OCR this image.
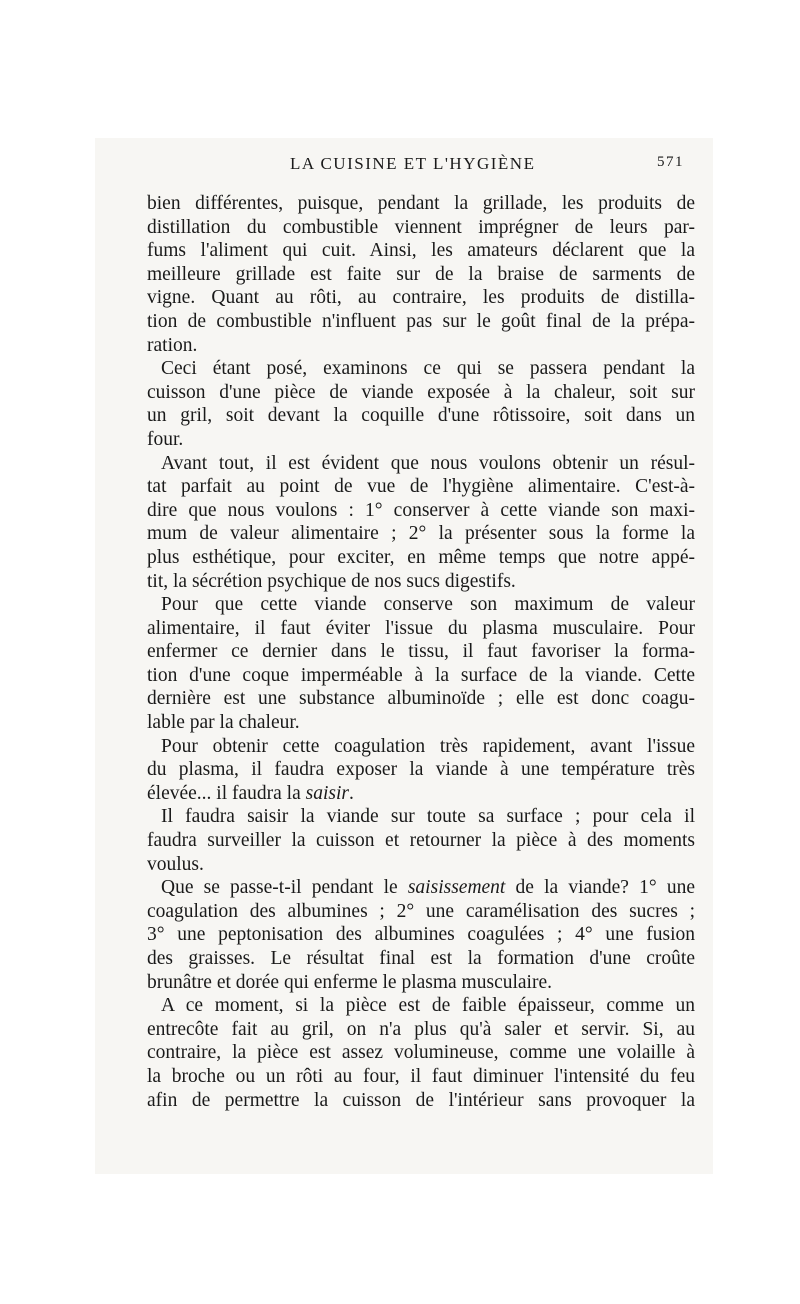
LA CUISINE ET L'HYGIÈNE	571

bien différentes, puisque, pendant la grillade, les produits de
distillation du combustible viennent imprégner de leurs par-
fums l'aliment qui cuit. Ainsi, les amateurs déclarent que la
meilleure grillade est faite sur de la braise de sarments de
vigne. Quant au rôti, au contraire, les produits de distilla-
tion de combustible n'influent pas sur le goût final de la prépa-
ration.

Ceci étant posé, examinons ce qui se passera pendant la
cuisson d'une pièce de viande exposée à la chaleur, soit sur
un gril, soit devant la coquille d'une rôtissoire, soit dans un
four.

Avant tout, il est évident que nous voulons obtenir un résul-
tat parfait au point de vue de l'hygiène alimentaire. C'est-à-
dire que nous voulons : 1° conserver à cette viande son maxi-
mum de valeur alimentaire ; 2° la présenter sous la forme la
plus esthétique, pour exciter, en même temps que notre appé-
tit, la sécrétion psychique de nos sucs digestifs.

Pour que cette viande conserve son maximum de valeur
alimentaire, il faut éviter l'issue du plasma musculaire. Pour
enfermer ce dernier dans le tissu, il faut favoriser la forma-
tion d'une coque imperméable à la surface de la viande. Cette
dernière est une substance albuminoïde ; elle est donc coagu-
lable par la chaleur.

Pour obtenir cette coagulation très rapidement, avant l'issue
du plasma, il faudra exposer la viande à une température très
élevée... il faudra la saisir.

Il faudra saisir la viande sur toute sa surface ; pour cela il
faudra surveiller la cuisson et retourner la pièce à des moments
voulus.

Que se passe-t-il pendant le saisissement de la viande? 1° une
coagulation des albumines ; 2° une caramélisation des sucres ;
3° une peptonisation des albumines coagulées ; 4° une fusion
des graisses. Le résultat final est la formation d'une croûte
brunâtre et dorée qui enferme le plasma musculaire.

A ce moment, si la pièce est de faible épaisseur, comme un
entrecôte fait au gril, on n'a plus qu'à saler et servir. Si, au
contraire, la pièce est assez volumineuse, comme une volaille à
la broche ou un rôti au four, il faut diminuer l'intensité du feu
afin de permettre la cuisson de l'intérieur sans provoquer la
